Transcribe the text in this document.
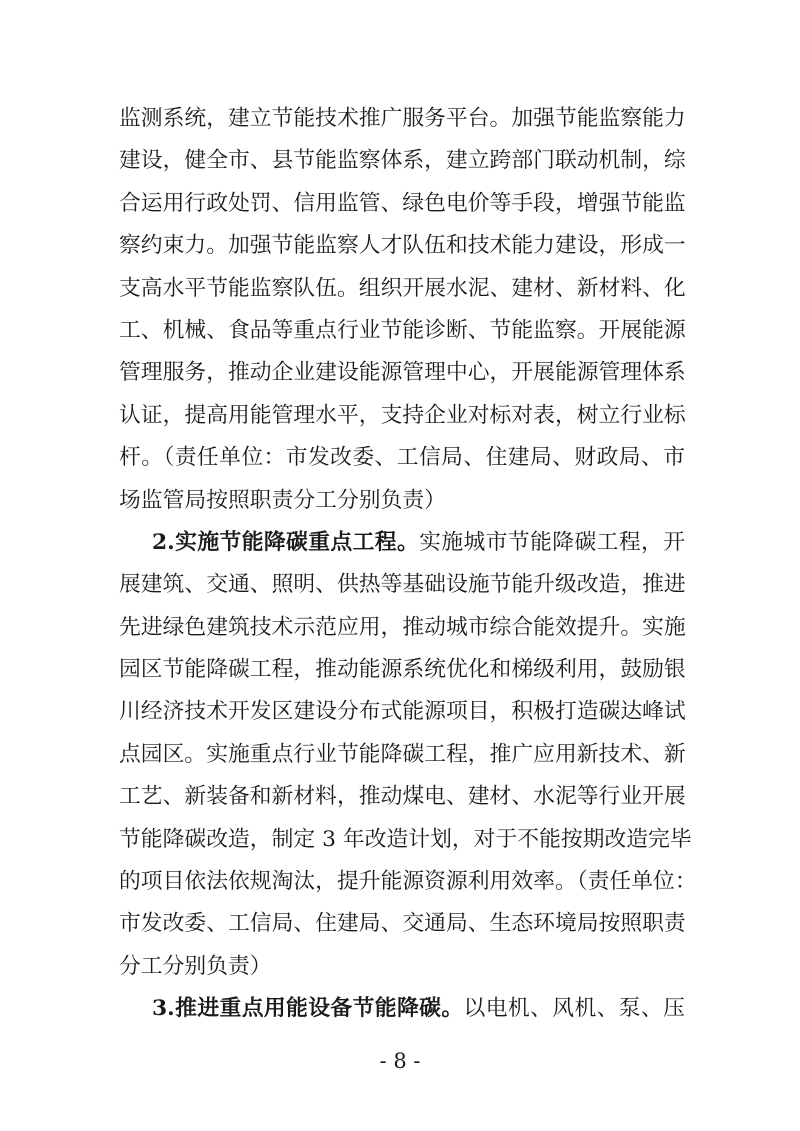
监测系统，建立节能技术推广服务平台。加强节能监察能力
建设，健全市、县节能监察体系，建立跨部门联动机制，综
合运用行政处罚、信用监管、绿色电价等手段，增强节能监
察约束力。加强节能监察人才队伍和技术能力建设，形成一
支高水平节能监察队伍。组织开展水泥、建材、新材料、化
工、机械、食品等重点行业节能诊断、节能监察。开展能源
管理服务，推动企业建设能源管理中心，开展能源管理体系
认证，提高用能管理水平，支持企业对标对表，树立行业标
杆。（责任单位：市发改委、工信局、住建局、财政局、市
场监管局按照职责分工分别负责）
2.实施节能降碳重点工程。实施城市节能降碳工程，开
展建筑、交通、照明、供热等基础设施节能升级改造，推进
先进绿色建筑技术示范应用，推动城市综合能效提升。实施
园区节能降碳工程，推动能源系统优化和梯级利用，鼓励银
川经济技术开发区建设分布式能源项目，积极打造碳达峰试
点园区。实施重点行业节能降碳工程，推广应用新技术、新
工艺、新装备和新材料，推动煤电、建材、水泥等行业开展
节能降碳改造，制定 3 年改造计划，对于不能按期改造完毕
的项目依法依规淘汰，提升能源资源利用效率。（责任单位：
市发改委、工信局、住建局、交通局、生态环境局按照职责
分工分别负责）
3.推进重点用能设备节能降碳。以电机、风机、泵、压
- 8 -
